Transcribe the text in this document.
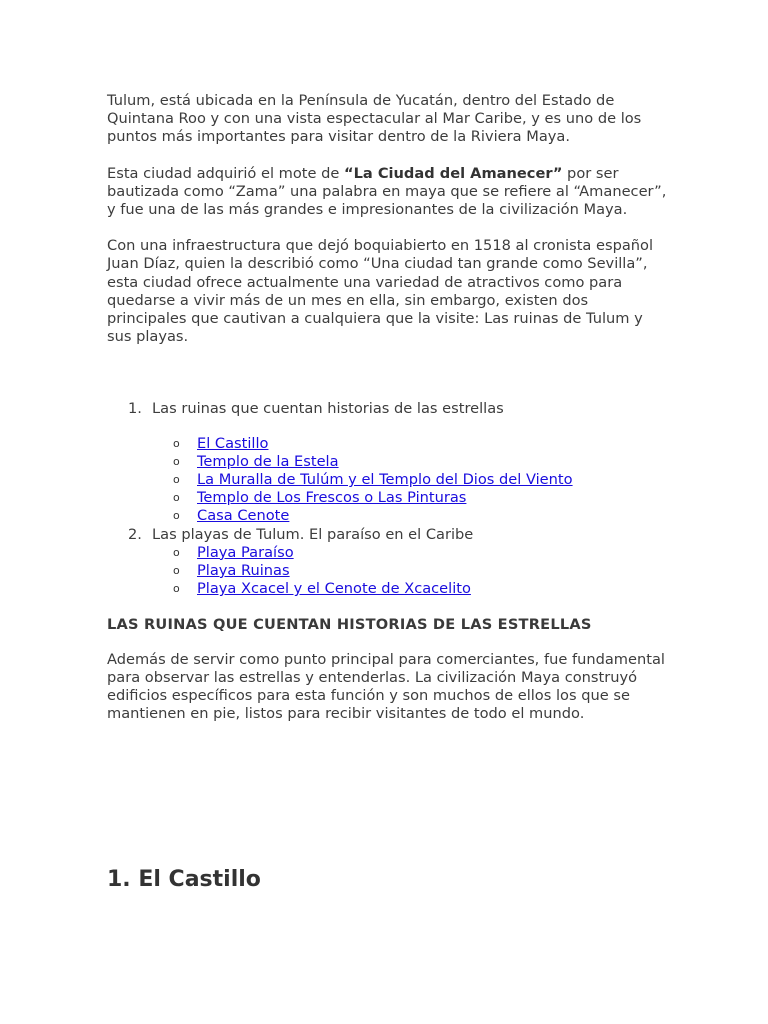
Tulum, está ubicada en la Península de Yucatán, dentro del Estado de Quintana Roo y con una vista espectacular al Mar Caribe, y es uno de los puntos más importantes para visitar dentro de la Riviera Maya.

Esta ciudad adquirió el mote de “La Ciudad del Amanecer” por ser bautizada como “Zama” una palabra en maya que se refiere al “Amanecer”, y fue una de las más grandes e impresionantes de la civilización Maya.

Con una infraestructura que dejó boquiabierto en 1518 al cronista español Juan Díaz, quien la describió como “Una ciudad tan grande como Sevilla”, esta ciudad ofrece actualmente una variedad de atractivos como para quedarse a vivir más de un mes en ella, sin embargo, existen dos principales que cautivan a cualquiera que la visite: Las ruinas de Tulum y sus playas.

1. Las ruinas que cuentan historias de las estrellas
o	El Castillo
o	Templo de la Estela
o	La Muralla de Tulúm y el Templo del Dios del Viento
o	Templo de Los Frescos o Las Pinturas
o	Casa Cenote
2. Las playas de Tulum. El paraíso en el Caribe
o	Playa Paraíso
o	Playa Ruinas
o	Playa Xcacel y el Cenote de Xcacelito
LAS RUINAS QUE CUENTAN HISTORIAS DE LAS ESTRELLAS

Además de servir como punto principal para comerciantes, fue fundamental para observar las estrellas y entenderlas. La civilización Maya construyó edificios específicos para esta función y son muchos de ellos los que se mantienen en pie, listos para recibir visitantes de todo el mundo.

1. El Castillo
